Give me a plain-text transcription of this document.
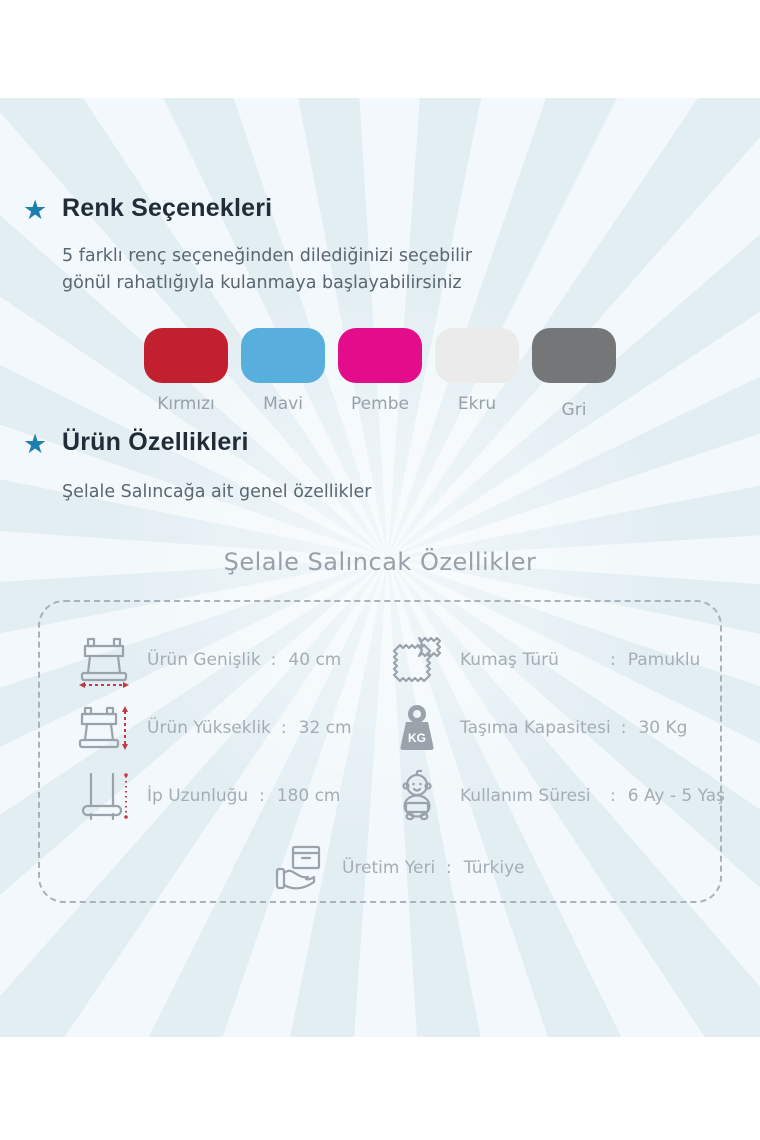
★ Renk Seçenekleri
5 farklı renç seçeneğinden dilediğinizi seçebilir
gönül rahatlığıyla kulanmaya başlayabilirsiniz
Kırmızı	Mavi	Pembe	Ekru	Gri
★ Ürün Özellikleri
Şelale Salıncağa ait genel özellikler
Şelale Salıncak Özellikler
Ürün Genişlik : 40 cm
Ürün Yükseklik : 32 cm
İp Uzunluğu : 180 cm
Kumaş Türü	: Pamuklu
KG Taşıma Kapasitesi : 30 Kg
Kullanım Süresi	: 6 Ay - 5 Yaş
Üretim Yeri : Türkiye
